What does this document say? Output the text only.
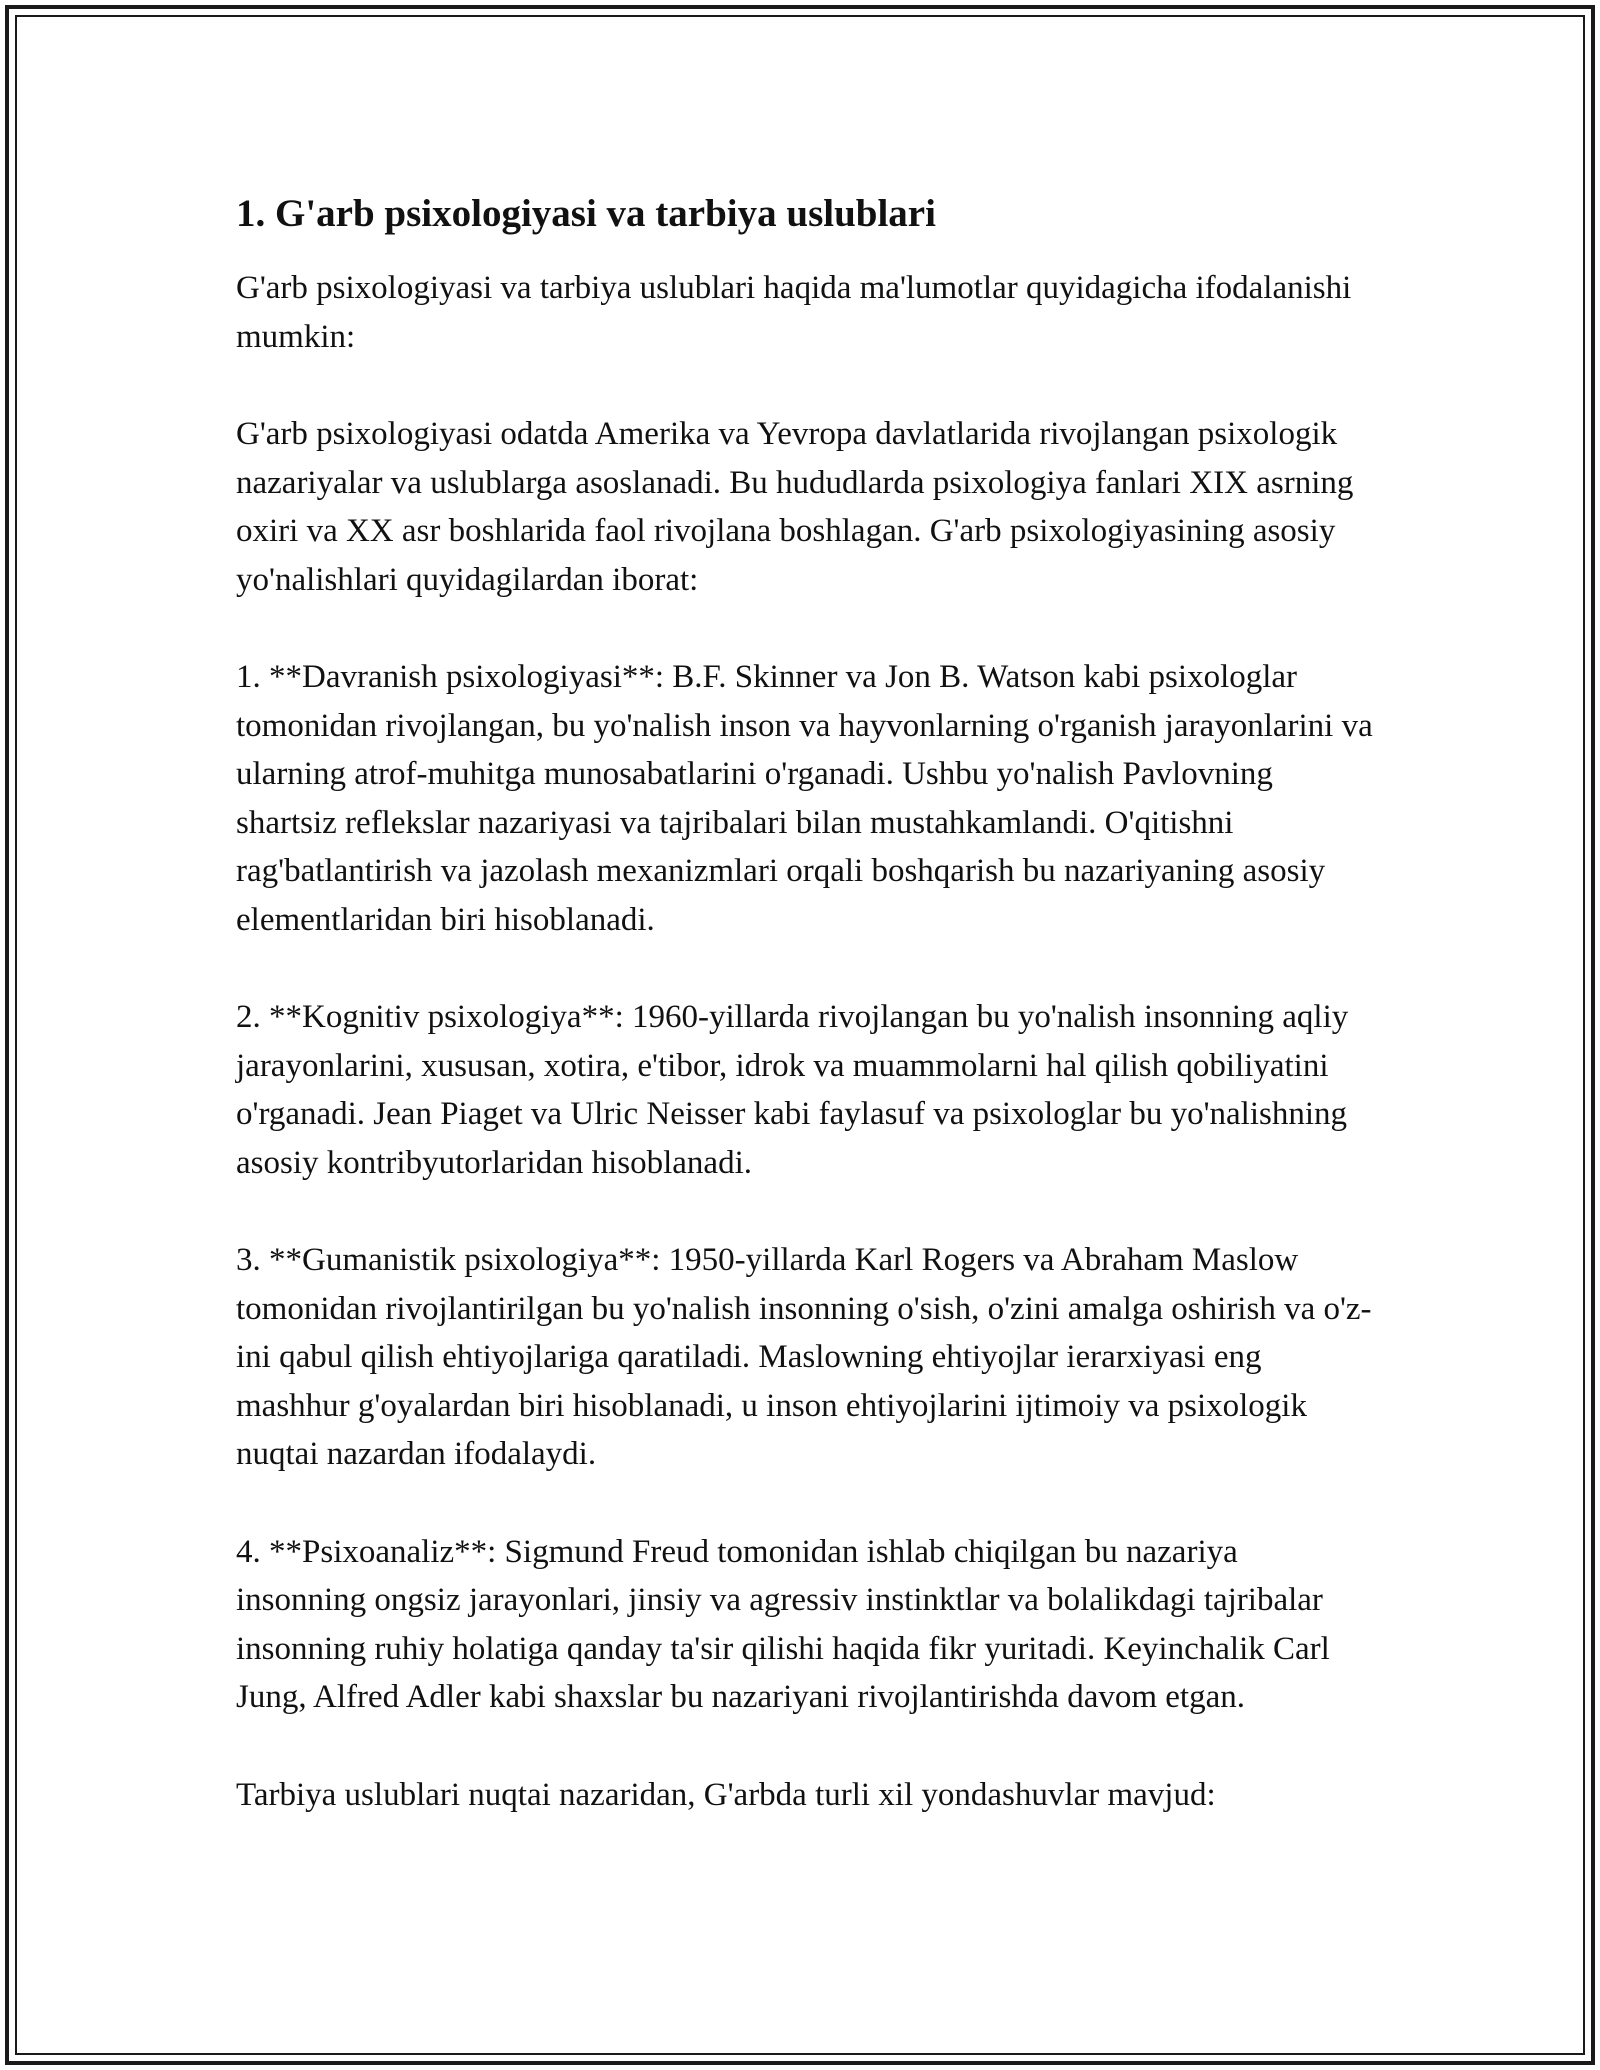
1. G'arb psixologiyasi va tarbiya uslublari

G'arb psixologiyasi va tarbiya uslublari haqida ma'lumotlar quyidagicha ifodalanishi mumkin:

G'arb psixologiyasi odatda Amerika va Yevropa davlatlarida rivojlangan psixologik nazariyalar va uslublarga asoslanadi. Bu hududlarda psixologiya fanlari XIX asrning oxiri va XX asr boshlarida faol rivojlana boshlagan. G'arb psixologiyasining asosiy yo'nalishlari quyidagilardan iborat:

1. **Davranish psixologiyasi**: B.F. Skinner va Jon B. Watson kabi psixologlar tomonidan rivojlangan, bu yo'nalish inson va hayvonlarning o'rganish jarayonlarini va ularning atrof-muhitga munosabatlarini o'rganadi. Ushbu yo'nalish Pavlovning shartsiz reflekslar nazariyasi va tajribalari bilan mustahkamlandi. O'qitishni rag'batlantirish va jazolash mexanizmlari orqali boshqarish bu nazariyaning asosiy elementlaridan biri hisoblanadi.

2. **Kognitiv psixologiya**: 1960-yillarda rivojlangan bu yo'nalish insonning aqliy jarayonlarini, xususan, xotira, e'tibor, idrok va muammolarni hal qilish qobiliyatini o'rganadi. Jean Piaget va Ulric Neisser kabi faylasuf va psixologlar bu yo'nalishning asosiy kontribyutorlaridan hisoblanadi.

3. **Gumanistik psixologiya**: 1950-yillarda Karl Rogers va Abraham Maslow tomonidan rivojlantirilgan bu yo'nalish insonning o'sish, o'zini amalga oshirish va o'z-ini qabul qilish ehtiyojlariga qaratiladi. Maslowning ehtiyojlar ierarxiyasi eng mashhur g'oyalardan biri hisoblanadi, u inson ehtiyojlarini ijtimoiy va psixologik nuqtai nazardan ifodalaydi.

4. **Psixoanaliz**: Sigmund Freud tomonidan ishlab chiqilgan bu nazariya insonning ongsiz jarayonlari, jinsiy va agressiv instinktlar va bolalikdagi tajribalar insonning ruhiy holatiga qanday ta'sir qilishi haqida fikr yuritadi. Keyinchalik Carl Jung, Alfred Adler kabi shaxslar bu nazariyani rivojlantirishda davom etgan.

Tarbiya uslublari nuqtai nazaridan, G'arbda turli xil yondashuvlar mavjud:
